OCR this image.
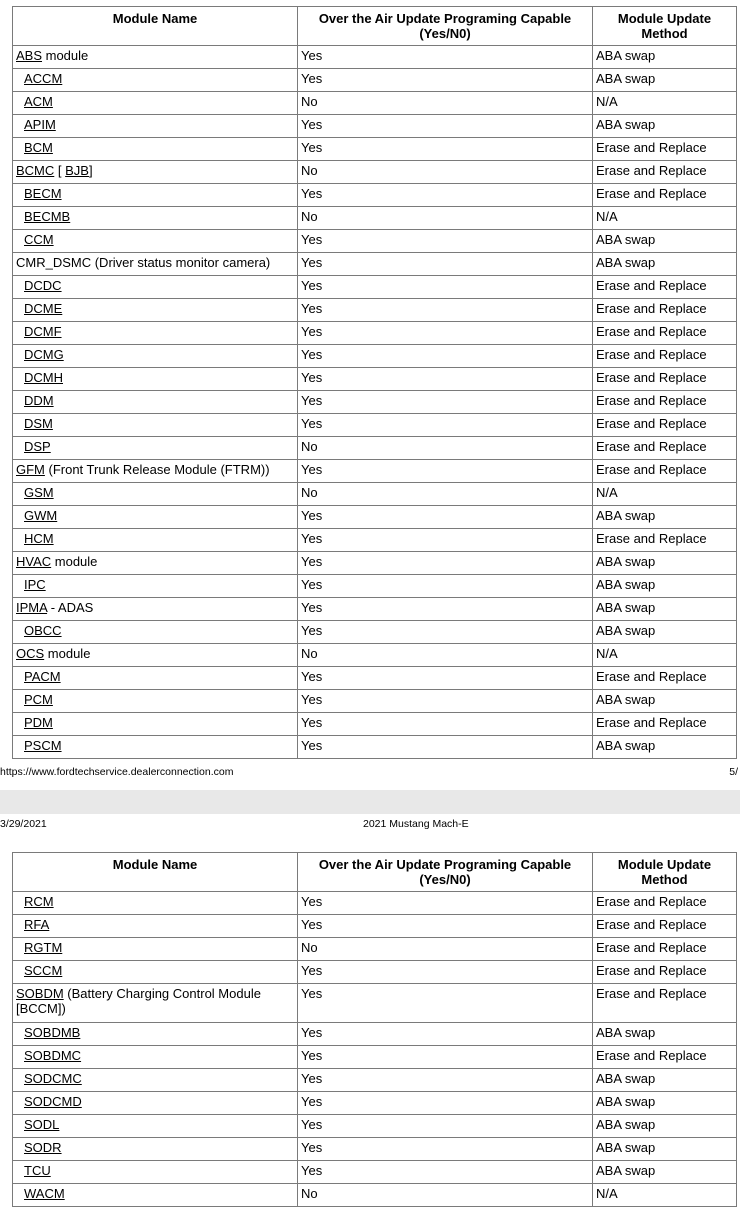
Module Name	Over the Air Update Programing Capable (Yes/N0)	Module Update Method
ABS module	Yes	ABA swap
ACCM	Yes	ABA swap
ACM	No	N/A
APIM	Yes	ABA swap
BCM	Yes	Erase and Replace
BCMC [ BJB]	No	Erase and Replace
BECM	Yes	Erase and Replace
BECMB	No	N/A
CCM	Yes	ABA swap
CMR_DSMC (Driver status monitor camera)	Yes	ABA swap
DCDC	Yes	Erase and Replace
DCME	Yes	Erase and Replace
DCMF	Yes	Erase and Replace
DCMG	Yes	Erase and Replace
DCMH	Yes	Erase and Replace
DDM	Yes	Erase and Replace
DSM	Yes	Erase and Replace
DSP	No	Erase and Replace
GFM (Front Trunk Release Module (FTRM))	Yes	Erase and Replace
GSM	No	N/A
GWM	Yes	ABA swap
HCM	Yes	Erase and Replace
HVAC module	Yes	ABA swap
IPC	Yes	ABA swap
IPMA - ADAS	Yes	ABA swap
OBCC	Yes	ABA swap
OCS module	No	N/A
PACM	Yes	Erase and Replace
PCM	Yes	ABA swap
PDM	Yes	Erase and Replace
PSCM	Yes	ABA swap
https://www.fordtechservice.dealerconnection.com	5/
3/29/2021	2021 Mustang Mach-E
Module Name	Over the Air Update Programing Capable (Yes/N0)	Module Update Method
RCM	Yes	Erase and Replace
RFA	Yes	Erase and Replace
RGTM	No	Erase and Replace
SCCM	Yes	Erase and Replace
SOBDM (Battery Charging Control Module [BCCM])	Yes	Erase and Replace
SOBDMB	Yes	ABA swap
SOBDMC	Yes	Erase and Replace
SODCMC	Yes	ABA swap
SODCMD	Yes	ABA swap
SODL	Yes	ABA swap
SODR	Yes	ABA swap
TCU	Yes	ABA swap
WACM	No	N/A
